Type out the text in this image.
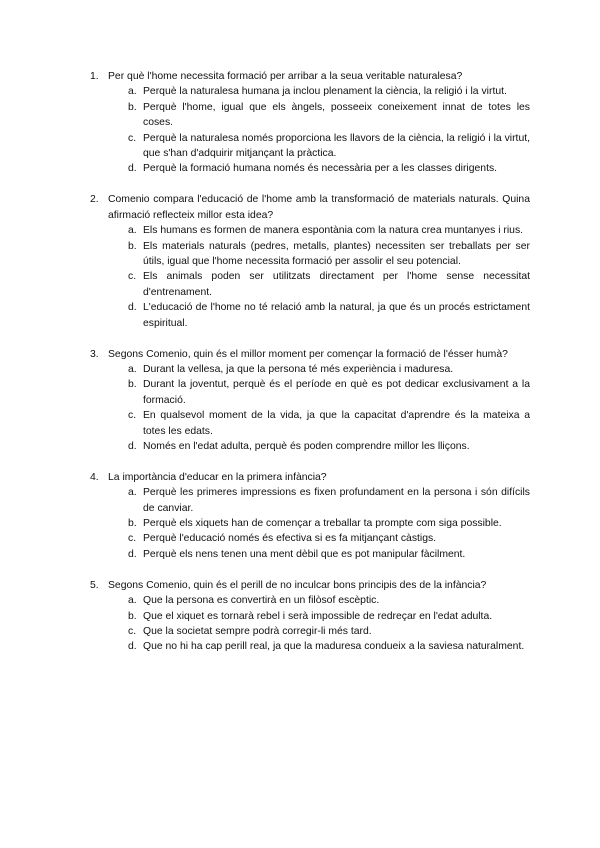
1. Per què l'home necessita formació per arribar a la seua veritable naturalesa?
a. Perquè la naturalesa humana ja inclou plenament la ciència, la religió i la virtut.
b. Perquè l'home, igual que els àngels, posseeix coneixement innat de totes les coses.
c. Perquè la naturalesa només proporciona les llavors de la ciència, la religió i la virtut, que s'han d'adquirir mitjançant la pràctica.
d. Perquè la formació humana només és necessària per a les classes dirigents.
2. Comenio compara l'educació de l'home amb la transformació de materials naturals. Quina afirmació reflecteix millor esta idea?
a. Els humans es formen de manera espontània com la natura crea muntanyes i rius.
b. Els materials naturals (pedres, metalls, plantes) necessiten ser treballats per ser útils, igual que l'home necessita formació per assolir el seu potencial.
c. Els animals poden ser utilitzats directament per l'home sense necessitat d'entrenament.
d. L'educació de l'home no té relació amb la natural, ja que és un procés estrictament espiritual.
3. Segons Comenio, quin és el millor moment per començar la formació de l'ésser humà?
a. Durant la vellesa, ja que la persona té més experiència i maduresa.
b. Durant la joventut, perquè és el període en què es pot dedicar exclusivament a la formació.
c. En qualsevol moment de la vida, ja que la capacitat d'aprendre és la mateixa a totes les edats.
d. Només en l'edat adulta, perquè és poden comprendre millor les lliçons.
4. La importància d'educar en la primera infància?
a. Perquè les primeres impressions es fixen profundament en la persona i són difícils de canviar.
b. Perquè els xiquets han de començar a treballar ta prompte com siga possible.
c. Perquè l'educació només és efectiva si es fa mitjançant càstigs.
d. Perquè els nens tenen una ment dèbil que es pot manipular fàcilment.
5. Segons Comenio, quin és el perill de no inculcar bons principis des de la infància?
a. Que la persona es convertirà en un filòsof escèptic.
b. Que el xiquet es tornarà rebel i serà impossible de redreçar en l'edat adulta.
c. Que la societat sempre podrà corregir-li més tard.
d. Que no hi ha cap perill real, ja que la maduresa condueix a la saviesa naturalment.
